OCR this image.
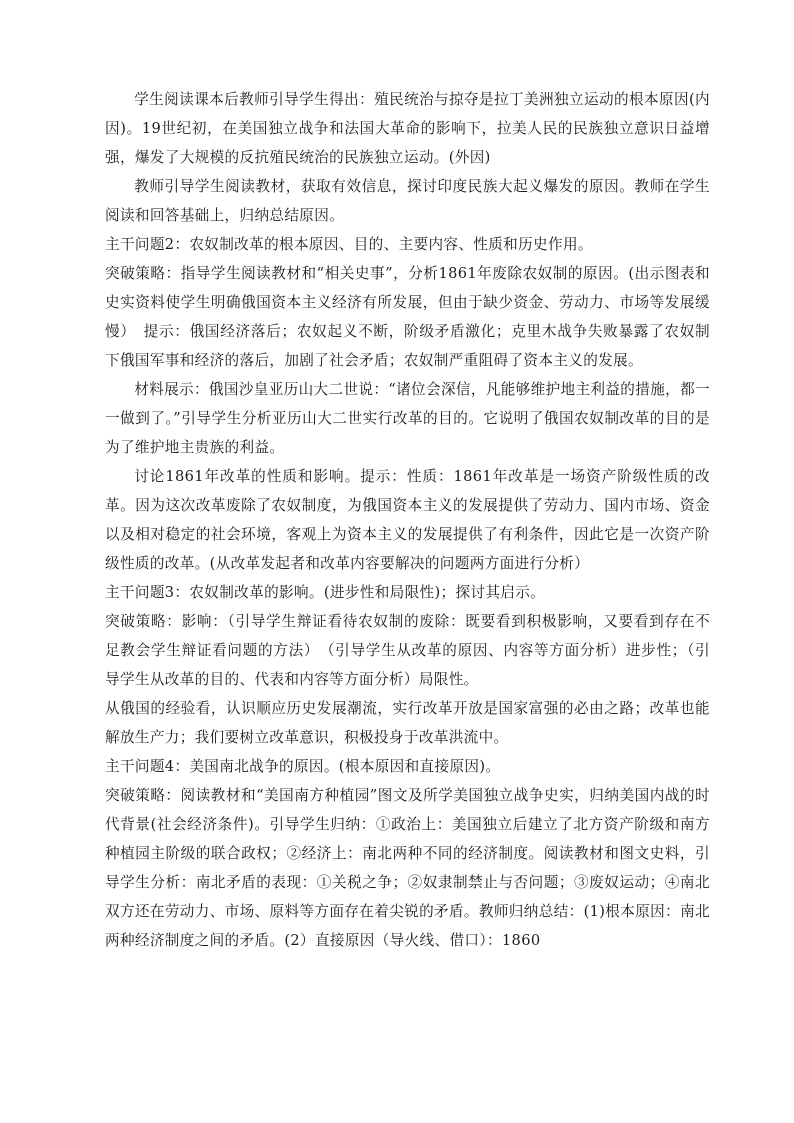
学生阅读课本后教师引导学生得出：殖民统治与掠夺是拉丁美洲独立运动的根本原因(内因)。19世纪初，在美国独立战争和法国大革命的影响下，拉美人民的民族独立意识日益增强，爆发了大规模的反抗殖民统治的民族独立运动。(外因)

教师引导学生阅读教材，获取有效信息，探讨印度民族大起义爆发的原因。教师在学生阅读和回答基础上，归纳总结原因。

主干问题2：农奴制改革的根本原因、目的、主要内容、性质和历史作用。

突破策略：指导学生阅读教材和“相关史事”，分析1861年废除农奴制的原因。(出示图表和史实资料使学生明确俄国资本主义经济有所发展，但由于缺少资金、劳动力、市场等发展缓慢）　提示：俄国经济落后；农奴起义不断，阶级矛盾激化；克里木战争失败暴露了农奴制下俄国军事和经济的落后，加剧了社会矛盾；农奴制严重阻碍了资本主义的发展。

材料展示：俄国沙皇亚历山大二世说：“诸位会深信，凡能够维护地主利益的措施，都一一做到了。”引导学生分析亚历山大二世实行改革的目的。它说明了俄国农奴制改革的目的是为了维护地主贵族的利益。

讨论1861年改革的性质和影响。提示：性质：1861年改革是一场资产阶级性质的改革。因为这次改革废除了农奴制度，为俄国资本主义的发展提供了劳动力、国内市场、资金以及相对稳定的社会环境，客观上为资本主义的发展提供了有利条件，因此它是一次资产阶级性质的改革。(从改革发起者和改革内容要解决的问题两方面进行分析）

主干问题3：农奴制改革的影响。(进步性和局限性)；探讨其启示。

突破策略：影响：（引导学生辩证看待农奴制的废除：既要看到积极影响，又要看到存在不足教会学生辩证看问题的方法）　（引导学生从改革的原因、内容等方面分析）进步性；（引导学生从改革的目的、代表和内容等方面分析）局限性。

从俄国的经验看，认识顺应历史发展潮流，实行改革开放是国家富强的必由之路；改革也能解放生产力；我们要树立改革意识，积极投身于改革洪流中。

主干问题4：美国南北战争的原因。(根本原因和直接原因)。

突破策略：阅读教材和“美国南方种植园”图文及所学美国独立战争史实，归纳美国内战的时代背景(社会经济条件)。引导学生归纳：①政治上：美国独立后建立了北方资产阶级和南方种植园主阶级的联合政权；②经济上：南北两种不同的经济制度。阅读教材和图文史料，引导学生分析：南北矛盾的表现：①关税之争；②奴隶制禁止与否问题；③废奴运动；④南北双方还在劳动力、市场、原料等方面存在着尖锐的矛盾。教师归纳总结：(1)根本原因：南北两种经济制度之间的矛盾。(2）直接原因（导火线、借口）：1860
